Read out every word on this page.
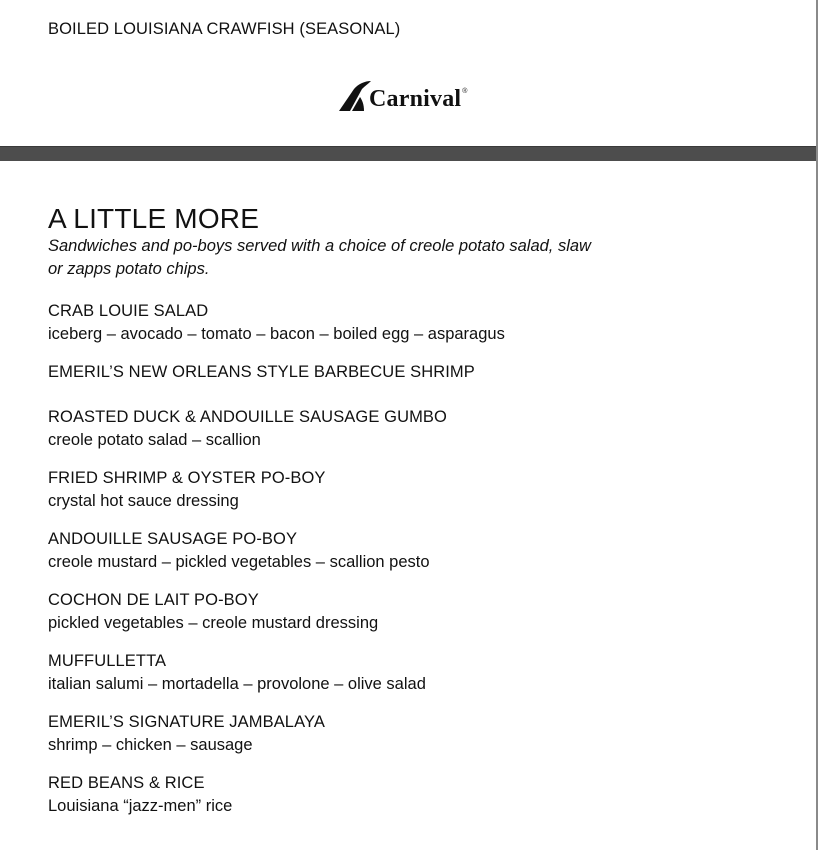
BOILED LOUISIANA CRAWFISH (SEASONAL)
Carnival ®
A LITTLE MORE
Sandwiches and po-boys served with a choice of creole potato salad, slaw or zapps potato chips.
CRAB LOUIE SALAD
iceberg – avocado – tomato – bacon – boiled egg – asparagus
EMERIL’S NEW ORLEANS STYLE BARBECUE SHRIMP
ROASTED DUCK & ANDOUILLE SAUSAGE GUMBO
creole potato salad – scallion
FRIED SHRIMP & OYSTER PO-BOY
crystal hot sauce dressing
ANDOUILLE SAUSAGE PO-BOY
creole mustard – pickled vegetables – scallion pesto
COCHON DE LAIT PO-BOY
pickled vegetables – creole mustard dressing
MUFFULLETTA
italian salumi – mortadella – provolone – olive salad
EMERIL’S SIGNATURE JAMBALAYA
shrimp – chicken – sausage
RED BEANS & RICE
Louisiana “jazz-men” rice
